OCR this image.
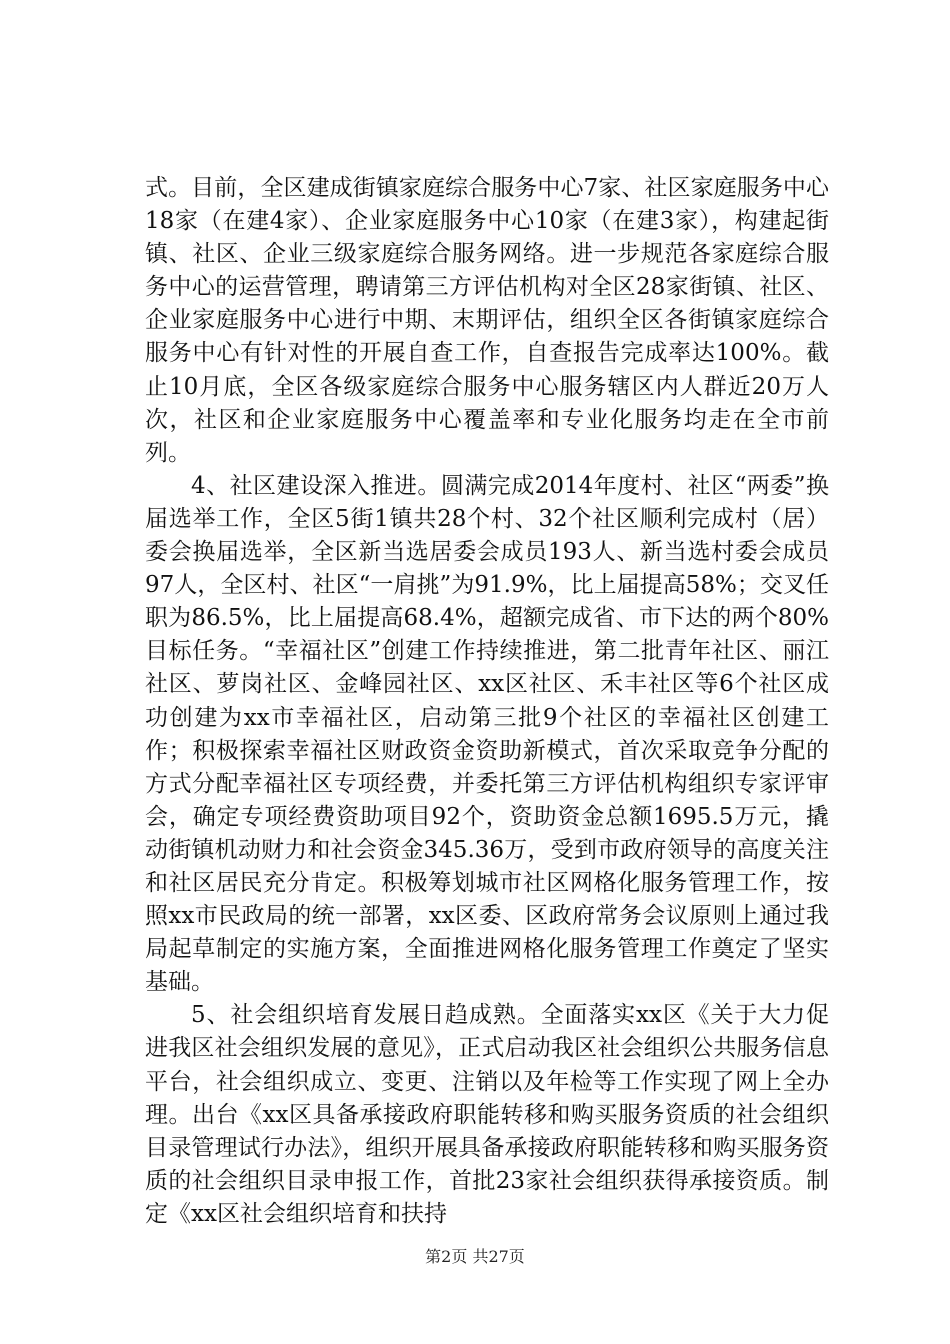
式。目前，全区建成街镇家庭综合服务中心7家、社区家庭服务中心18家（在建4家）、企业家庭服务中心10家（在建3家），构建起街镇、社区、企业三级家庭综合服务网络。进一步规范各家庭综合服务中心的运营管理，聘请第三方评估机构对全区28家街镇、社区、企业家庭服务中心进行中期、末期评估，组织全区各街镇家庭综合服务中心有针对性的开展自查工作，自查报告完成率达100%。截止10月底，全区各级家庭综合服务中心服务辖区内人群近20万人次，社区和企业家庭服务中心覆盖率和专业化服务均走在全市前列。

4、社区建设深入推进。圆满完成2014年度村、社区“两委”换届选举工作，全区5街1镇共28个村、32个社区顺利完成村（居）委会换届选举，全区新当选居委会成员193人、新当选村委会成员97人，全区村、社区“一肩挑”为91.9%，比上届提高58%；交叉任职为86.5%，比上届提高68.4%，超额完成省、市下达的两个80%目标任务。“幸福社区”创建工作持续推进，第二批青年社区、丽江社区、萝岗社区、金峰园社区、xx区社区、禾丰社区等6个社区成功创建为xx市幸福社区，启动第三批9个社区的幸福社区创建工作；积极探索幸福社区财政资金资助新模式，首次采取竞争分配的方式分配幸福社区专项经费，并委托第三方评估机构组织专家评审会，确定专项经费资助项目92个，资助资金总额1695.5万元，撬动街镇机动财力和社会资金345.36万，受到市政府领导的高度关注和社区居民充分肯定。积极筹划城市社区网格化服务管理工作，按照xx市民政局的统一部署，xx区委、区政府常务会议原则上通过我局起草制定的实施方案，全面推进网格化服务管理工作奠定了坚实基础。

5、社会组织培育发展日趋成熟。全面落实xx区《关于大力促进我区社会组织发展的意见》，正式启动我区社会组织公共服务信息平台，社会组织成立、变更、注销以及年检等工作实现了网上全办理。出台《xx区具备承接政府职能转移和购买服务资质的社会组织目录管理试行办法》，组织开展具备承接政府职能转移和购买服务资质的社会组织目录申报工作，首批23家社会组织获得承接资质。制定《xx区社会组织培育和扶持

第2页 共27页
